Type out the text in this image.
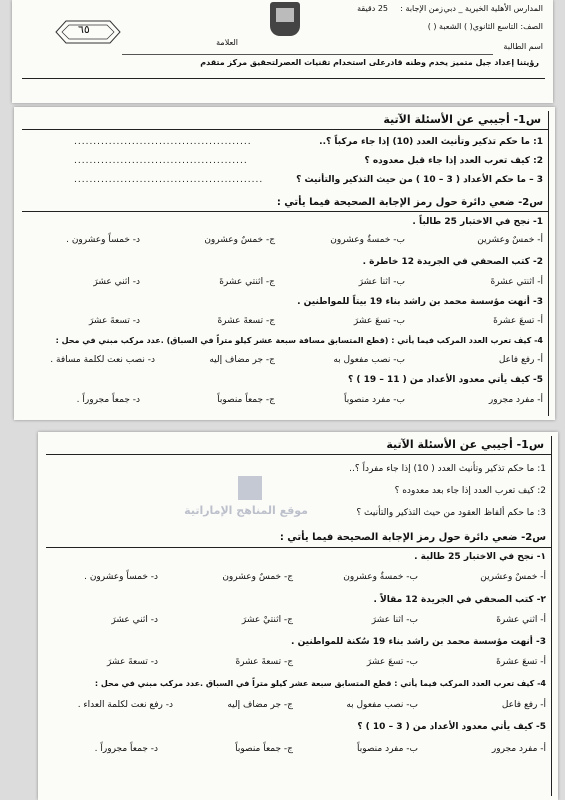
المدارس الأهلية الخيرية _ دبي
زمن الإجابة :
25 دقيقة
الصف: التاسع الثانوي( ) الشعبة ( )
اسم الطالبة
العلامة
٦٥
رؤيتنا إعداد جيل متميز يخدم وطنه قادرعلى استخدام تقنيات العصرلتحقيق مركز متقدم
س1- أجيبي عن الأسئلة الآتية
1: ما حكم تذكير وتأنيث العدد (10) إذا جاء مركباً ؟..
..............................................
2: كيف تعرب العدد إذا جاء قبل معدوده ؟
.............................................
3 – ما حكم الأعداد ( 3 – 10 ) من حيث التذكير والتأنيث ؟
.................................................
س2- ضعي دائرة حول رمز الإجابة الصحيحة فيما يأتي :
1- نجح في الاختبار 25 طالباً .
أ- خمسٌ وعشرين
ب- خمسةٌ وعشرون
ج- خمسٌ وعشرون
د- خمساً وعشرون .
2- كتب الصحفي في الجريدة 12 خاطرة .
أ- اثنتي عشرةَ
ب- اثنا عشرَ
ج- اثنتي عشرةَ
د- اثني عشرَ
3- أنهت مؤسسة محمد بن راشد بناء 19 بيتاً للمواطنين .
أ- تسعَ عشرةَ
ب- تسعَ عشرَ
ج- تسعةَ عشرةَ
د- تسعةَ عشرَ
4- كيف تعرب العدد المركب فيما يأتي : (قطع المتسابق مسافة سبعة عشر كيلو متراً في السباق) .عدد مركب مبني في محل :
أ- رفع فاعل
ب- نصب مفعول به
ج- جر مضاف إليه
د- نصب نعت لكلمة مسافة .
5- كيف يأتي معدود الأعداد من ( 11 – 19 ) ؟
أ- مفرد مجرور
ب- مفرد منصوباً
ج- جمعاً منصوباً
د- جمعاً مجروراً .
س1- أجيبي عن الأسئلة الآتية
1: ما حكم تذكير وتأنيث العدد ( 10) إذا جاء مفرداً ؟..
2: كيف تعرب العدد إذا جاء بعد معدوده ؟
3: ما حكم ألفاظ العقود من حيث التذكير والتأنيث ؟
موقع المناهج الإماراتية
س2- ضعي دائرة حول رمز الإجابة الصحيحة فيما يأتي :
١- نجح في الاختبار 25 طالبة .
أ- خمسٌ وعشرين
ب- خمسةٌ وعشرون
ج- خمسٌ وعشرون
د- خمساً وعشرون .
٢- كتب الصحفي في الجريدة 12 مقالاً .
أ- اثني عشرةَ
ب- اثنا عشرَ
ج- اثنتيْ عشرَ
د- اثني عشرَ
3- أنهت مؤسسة محمد بن راشد بناء 19 سُكنة للمواطنين .
أ- تسعَ عشرةَ
ب- تسعَ عشرَ
ج- تسعةَ عشرةَ
د- تسعةَ عشرَ
4- كيف تعرب العدد المركب فيما يأتي : قطع المتسابق سبعة عشر كيلو متراً في السباق .عدد مركب مبني في محل :
أ- رفع فاعل
ب- نصب مفعول به
ج- جر مضاف إليه
د- رفع نعت لكلمة العداء .
5- كيف يأتي معدود الأعداد من ( 3 – 10 ) ؟
أ- مفرد مجرور
ب- مفرد منصوباً
ج- جمعاً منصوباً
د- جمعاً مجروراً .
